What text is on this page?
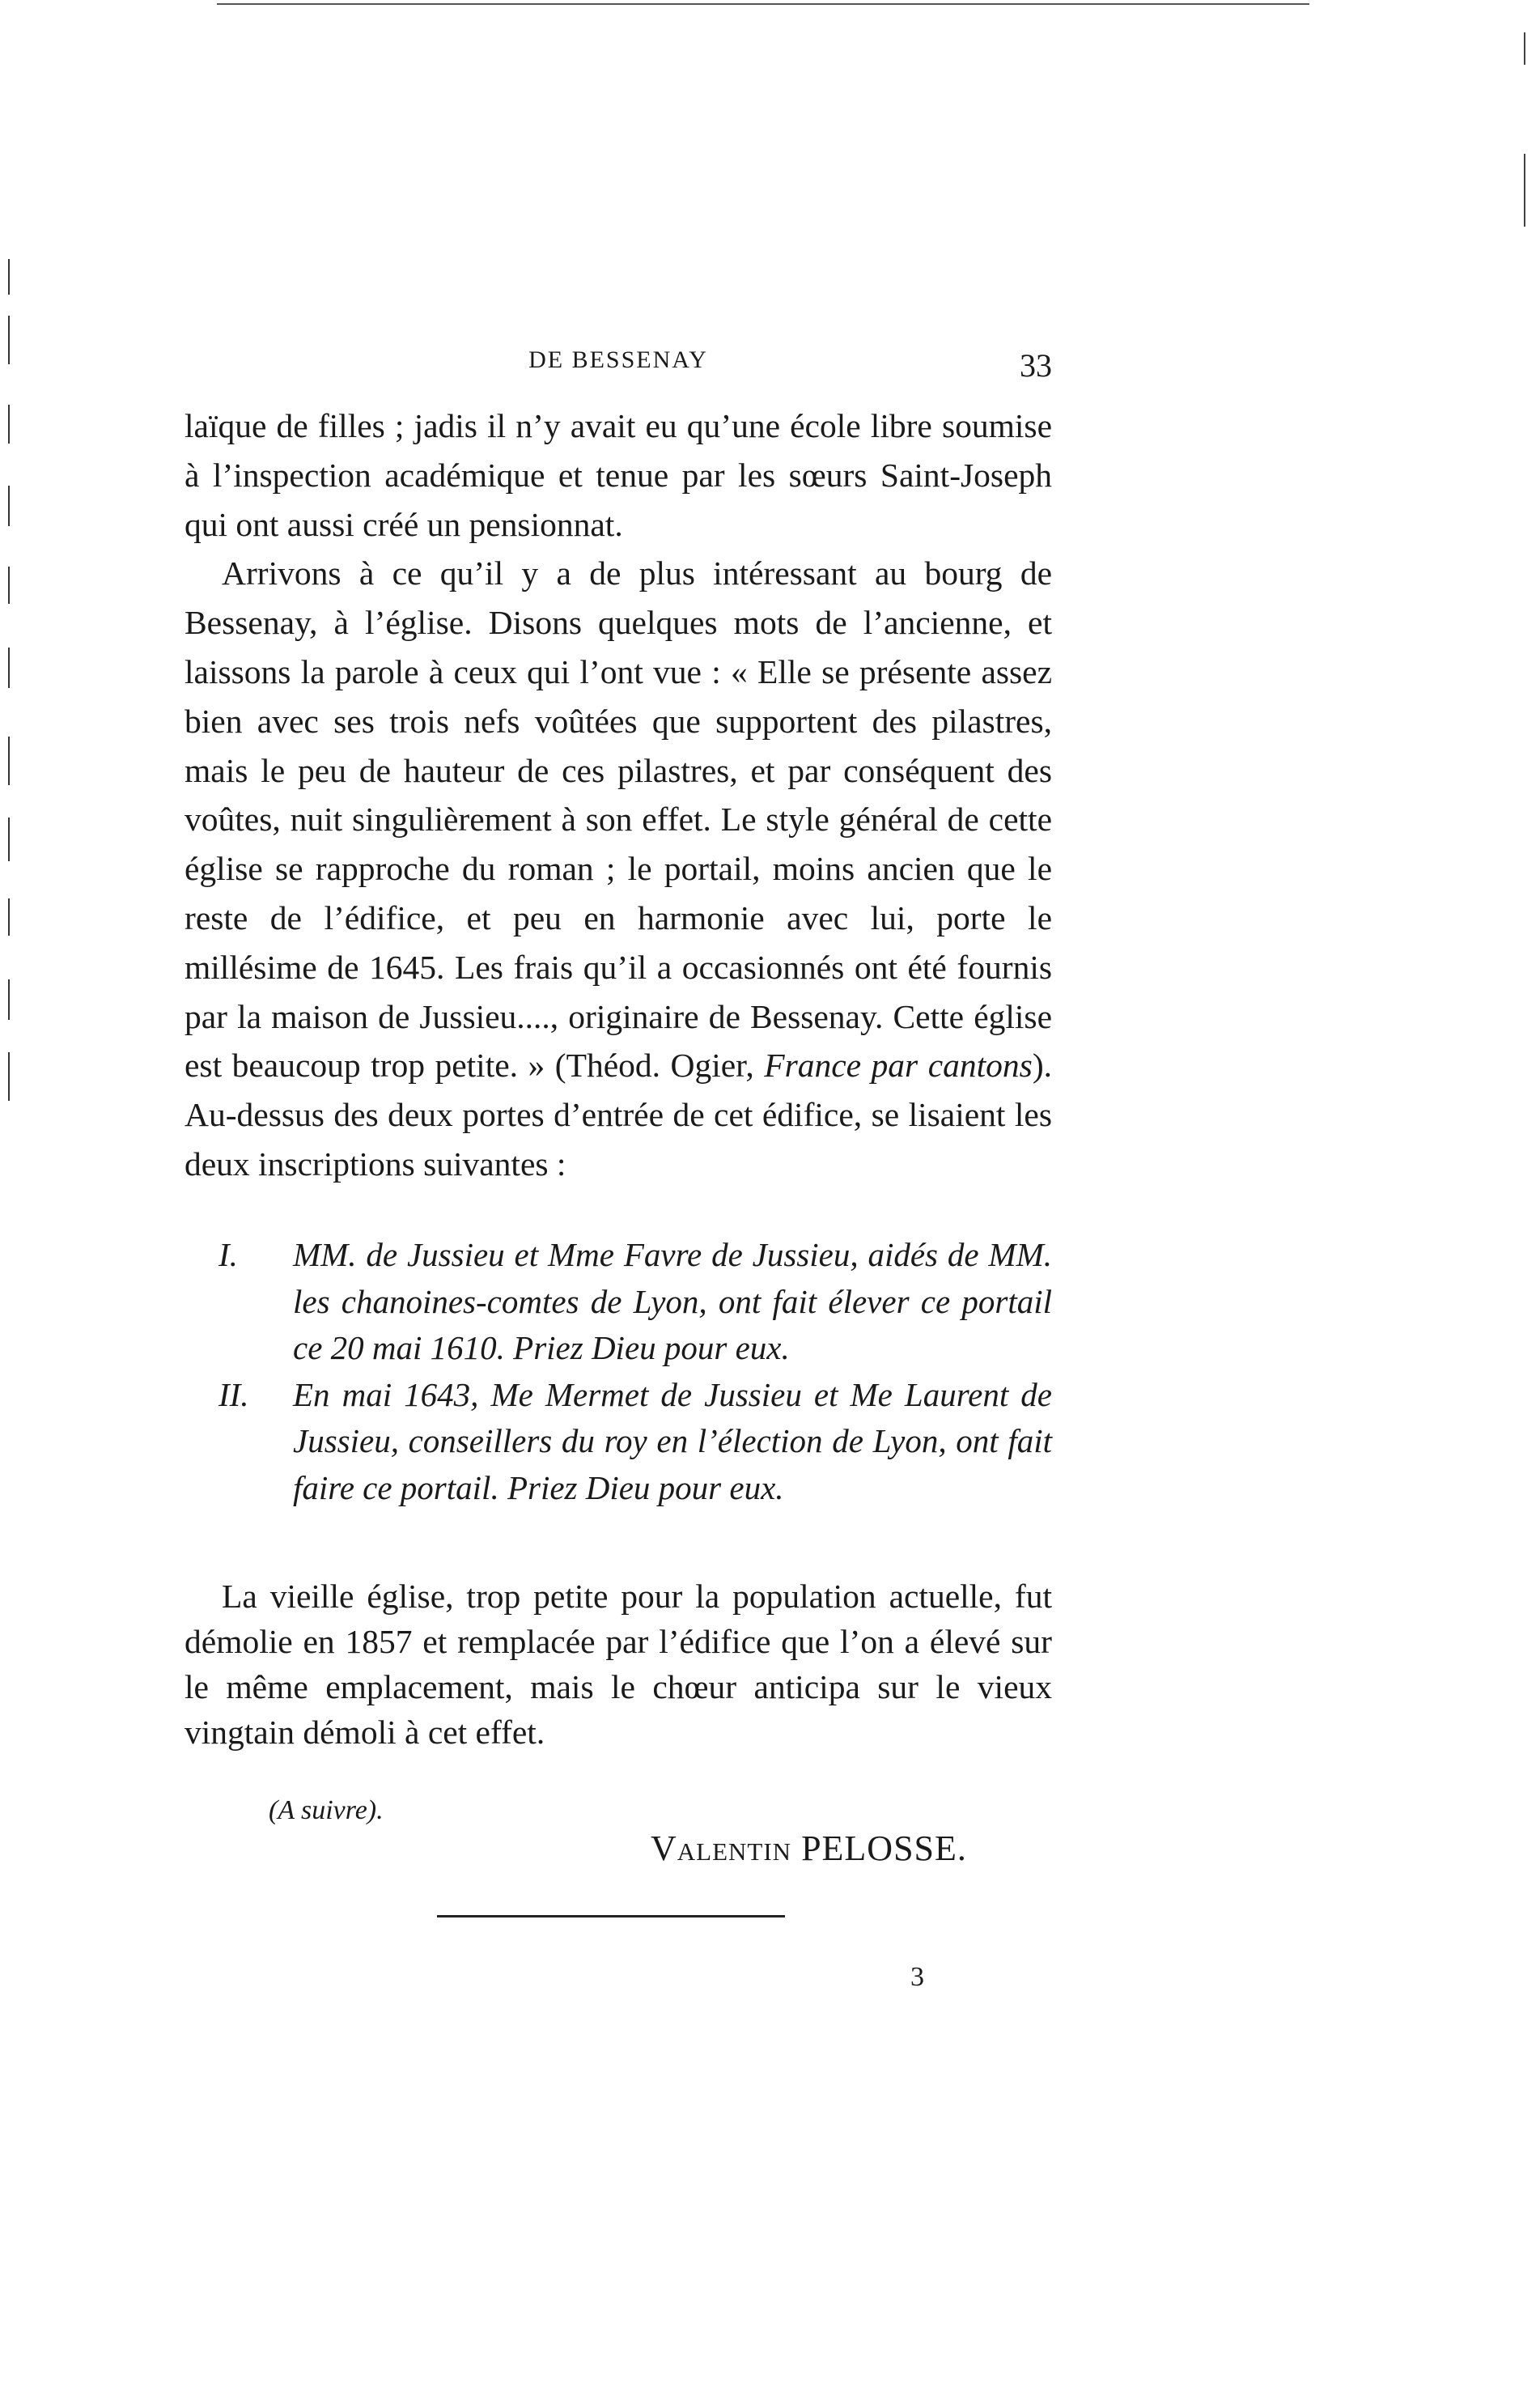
DE BESSENAY	33

laïque de filles ; jadis il n’y avait eu qu’une école libre soumise à l’inspection académique et tenue par les sœurs Saint-Joseph qui ont aussi créé un pensionnat.

Arrivons à ce qu’il y a de plus intéressant au bourg de Bessenay, à l’église. Disons quelques mots de l’ancienne, et laissons la parole à ceux qui l’ont vue : « Elle se présente assez bien avec ses trois nefs voûtées que supportent des pilastres, mais le peu de hauteur de ces pilastres, et par conséquent des voûtes, nuit singulièrement à son effet. Le style général de cette église se rapproche du roman ; le portail, moins ancien que le reste de l’édifice, et peu en harmonie avec lui, porte le millésime de 1645. Les frais qu’il a occasionnés ont été fournis par la maison de Jussieu...., originaire de Bessenay. Cette église est beaucoup trop petite. » (Théod. Ogier, France par cantons). Au-dessus des deux portes d’entrée de cet édifice, se lisaient les deux inscriptions suivantes :

I. MM. de Jussieu et Mme Favre de Jussieu, aidés de MM. les chanoines-comtes de Lyon, ont fait élever ce portail ce 20 mai 1610. Priez Dieu pour eux.
II. En mai 1643, Me Mermet de Jussieu et Me Laurent de Jussieu, conseillers du roy en l’élection de Lyon, ont fait faire ce portail. Priez Dieu pour eux.

La vieille église, trop petite pour la population actuelle, fut démolie en 1857 et remplacée par l’édifice que l’on a élevé sur le même emplacement, mais le chœur anticipa sur le vieux vingtain démoli à cet effet.

(A suivre).
Valentin PELOSSE.
3
